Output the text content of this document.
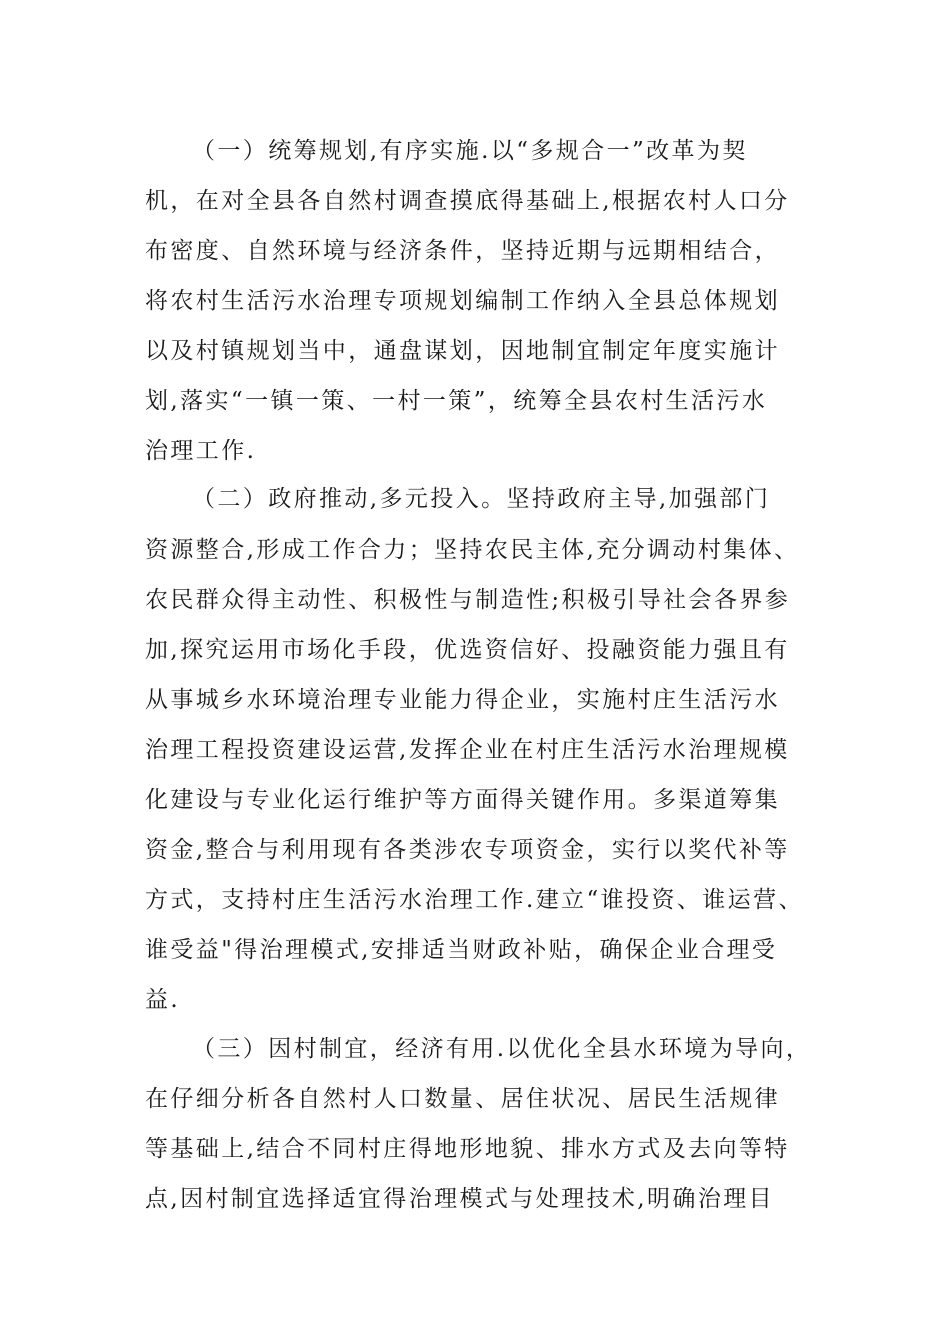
（一）统筹规划,有序实施.以“多规合一”改革为契
机，在对全县各自然村调查摸底得基础上,根据农村人口分
布密度、自然环境与经济条件，坚持近期与远期相结合，
将农村生活污水治理专项规划编制工作纳入全县总体规划
以及村镇规划当中，通盘谋划，因地制宜制定年度实施计
划,落实“一镇一策、一村一策”，统筹全县农村生活污水
治理工作.
（二）政府推动,多元投入。坚持政府主导,加强部门
资源整合,形成工作合力；坚持农民主体,充分调动村集体、
农民群众得主动性、积极性与制造性;积极引导社会各界参
加,探究运用市场化手段，优选资信好、投融资能力强且有
从事城乡水环境治理专业能力得企业，实施村庄生活污水
治理工程投资建设运营,发挥企业在村庄生活污水治理规模
化建设与专业化运行维护等方面得关键作用。多渠道筹集
资金,整合与利用现有各类涉农专项资金，实行以奖代补等
方式，支持村庄生活污水治理工作.建立“谁投资、谁运营、
谁受益"得治理模式,安排适当财政补贴，确保企业合理受
益.
（三）因村制宜，经济有用.以优化全县水环境为导向，
在仔细分析各自然村人口数量、居住状况、居民生活规律
等基础上,结合不同村庄得地形地貌、排水方式及去向等特
点,因村制宜选择适宜得治理模式与处理技术,明确治理目
